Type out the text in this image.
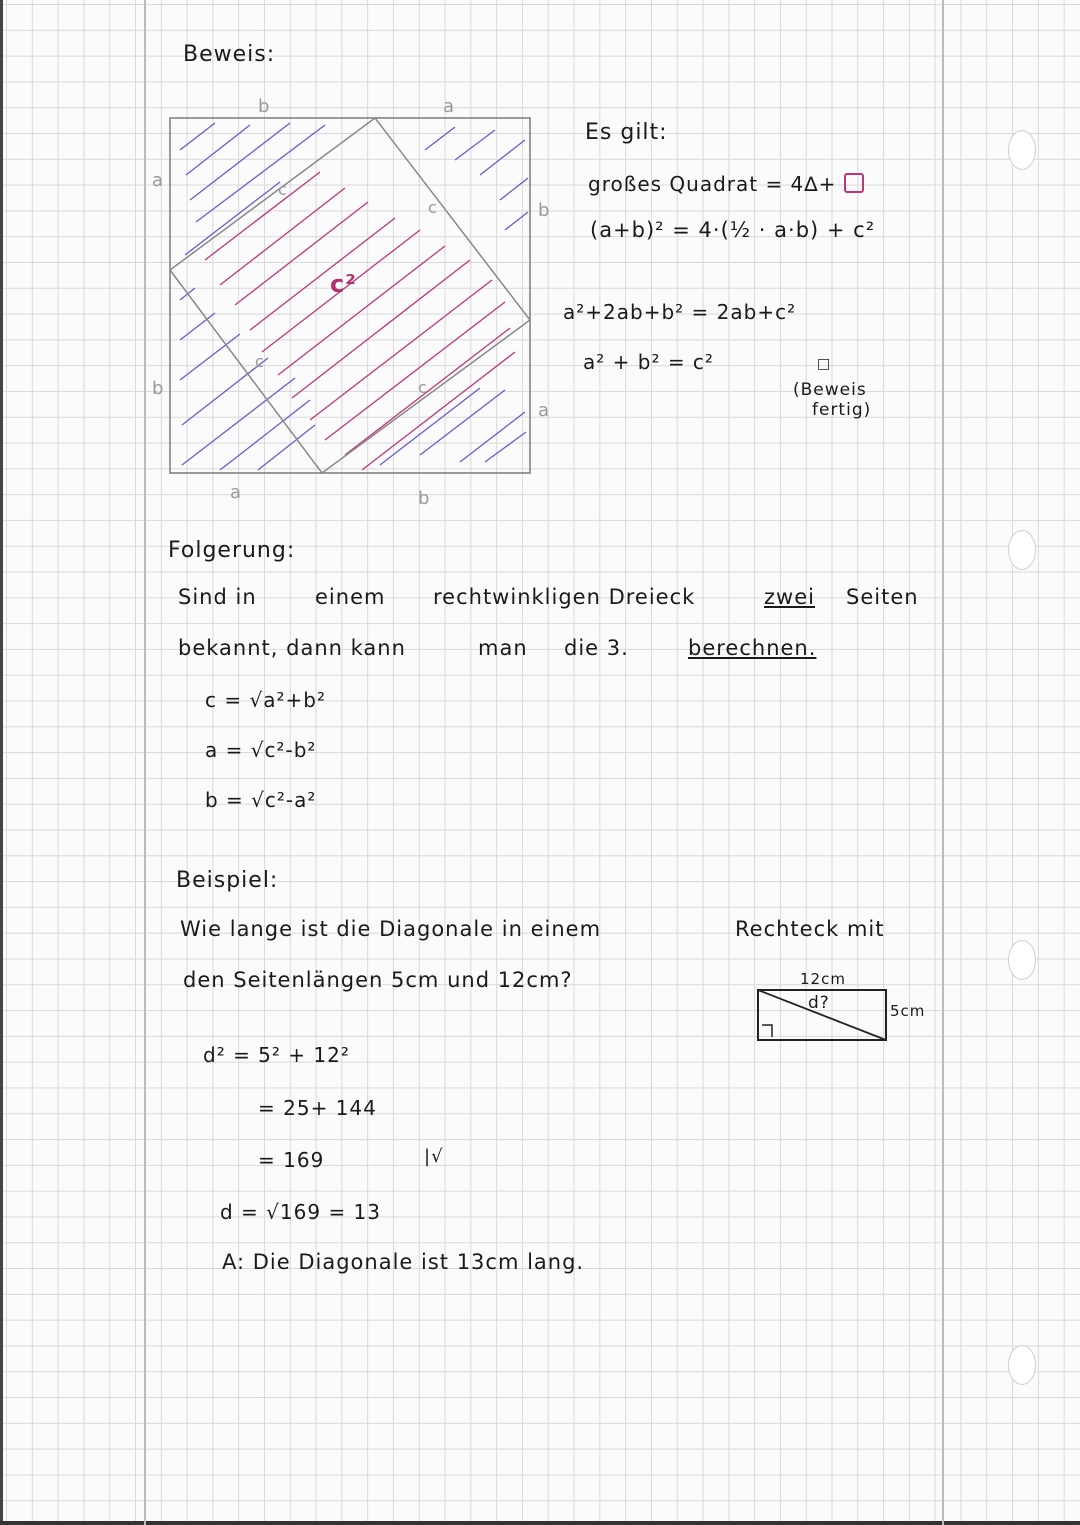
Beweis:
b	a
a
b
b
a
a	b
c
c
c
c
c²
Es gilt:
großes Quadrat = 4∆+
(a+b)² = 4·(½ · a·b) + c²
a²+2ab+b² = 2ab+c²
a² + b² = c²	□
(Beweis
fertig)
Folgerung:
Sind in	einem rechtwinkligen Dreieck	zwei Seiten
bekannt, dann kann	man die 3.	berechnen.
c = √a²+b²
a = √c²-b²
b = √c²-a²
Beispiel:
Wie lange ist die Diagonale in einem	Rechteck mit
den Seitenlängen 5cm und 12cm?	12cm
d?	5cm
d² = 5² + 12²
= 25+ 144
= 169	|√
d = √169 = 13
A: Die Diagonale ist 13cm lang.
